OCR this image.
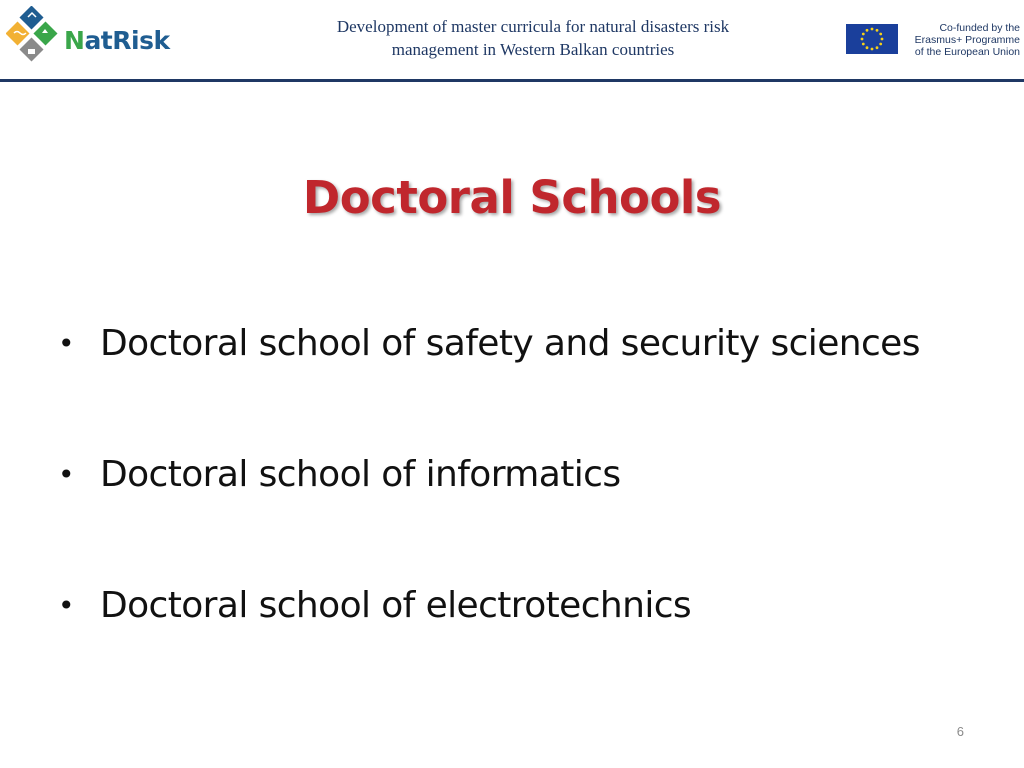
NatRisk	Development of master curricula for natural disasters risk
management in Western Balkan countries
Co-funded by the
Erasmus+ Programme
of the European Union
Doctoral Schools
• Doctoral school of safety and security sciences
• Doctoral school of informatics
• Doctoral school of electrotechnics
6
